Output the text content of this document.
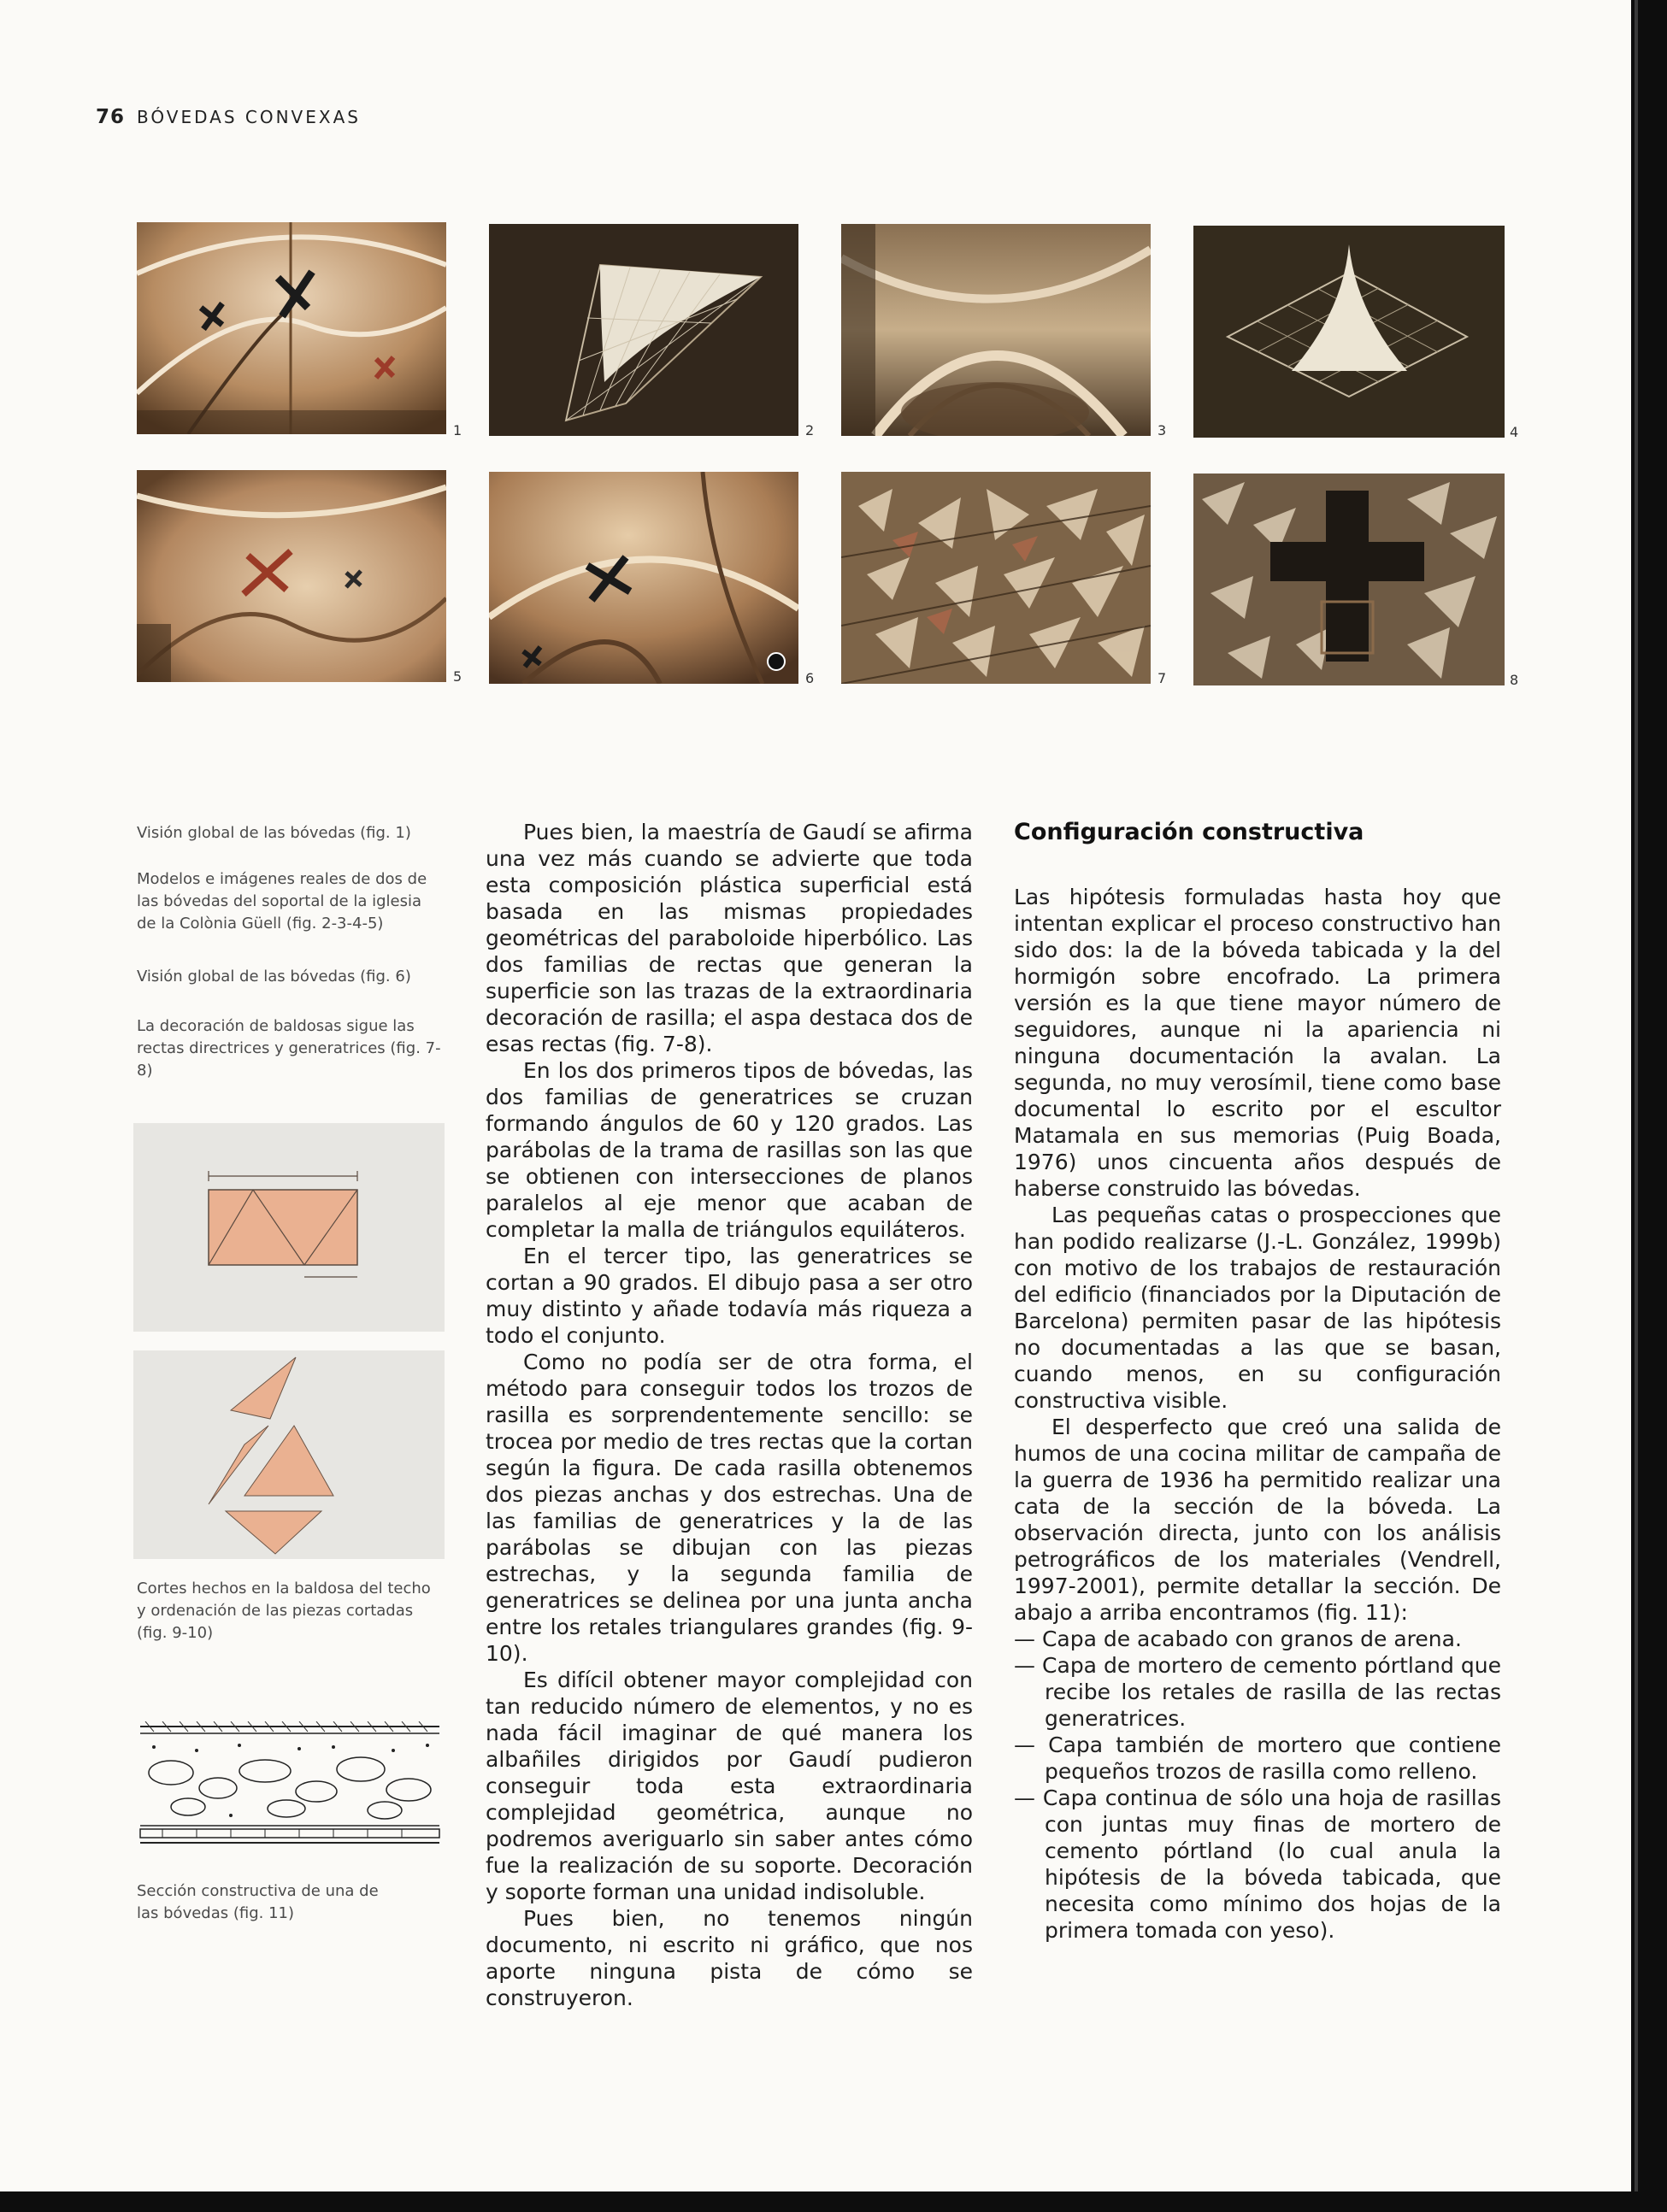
76 BÓVEDAS CONVEXAS
1	2	3	4
5	6	7	8
Visión global de las bóvedas (fig. 1)
Modelos e imágenes reales de dos de las bóvedas del soportal de la iglesia de la Colònia Güell (fig. 2-3-4-5)
Visión global de las bóvedas (fig. 6)
La decoración de baldosas sigue las rectas directrices y generatrices (fig. 7-8)
Cortes hechos en la baldosa del techo y ordenación de las piezas cortadas (fig. 9-10)
Sección constructiva de una de las bóvedas (fig. 11)

Pues bien, la maestría de Gaudí se afirma una vez más cuando se advierte que toda esta composición plástica superficial está basada en las mismas propiedades geométricas del paraboloide hiperbólico. Las dos familias de rectas que generan la superficie son las trazas de la extraordinaria decoración de rasilla; el aspa destaca dos de esas rectas (fig. 7-8).

En los dos primeros tipos de bóvedas, las dos familias de generatrices se cruzan formando ángulos de 60 y 120 grados. Las parábolas de la trama de rasillas son las que se obtienen con intersecciones de planos paralelos al eje menor que acaban de completar la malla de triángulos equiláteros.

En el tercer tipo, las generatrices se cortan a 90 grados. El dibujo pasa a ser otro muy distinto y añade todavía más riqueza a todo el conjunto.

Como no podía ser de otra forma, el método para conseguir todos los trozos de rasilla es sorprendentemente sencillo: se trocea por medio de tres rectas que la cortan según la figura. De cada rasilla obtenemos dos piezas anchas y dos estrechas. Una de las familias de generatrices y la de las parábolas se dibujan con las piezas estrechas, y la segunda familia de generatrices se delinea por una junta ancha entre los retales triangulares grandes (fig. 9-10).

Es difícil obtener mayor complejidad con tan reducido número de elementos, y no es nada fácil imaginar de qué manera los albañiles dirigidos por Gaudí pudieron conseguir toda esta extraordinaria complejidad geométrica, aunque no podremos averiguarlo sin saber antes cómo fue la realización de su soporte. Decoración y soporte forman una unidad indisoluble.

Pues bien, no tenemos ningún documento, ni escrito ni gráfico, que nos aporte ninguna pista de cómo se construyeron.

Configuración constructiva

Las hipótesis formuladas hasta hoy que intentan explicar el proceso constructivo han sido dos: la de la bóveda tabicada y la del hormigón sobre encofrado. La primera versión es la que tiene mayor número de seguidores, aunque ni la apariencia ni ninguna documentación la avalan. La segunda, no muy verosímil, tiene como base documental lo escrito por el escultor Matamala en sus memorias (Puig Boada, 1976) unos cincuenta años después de haberse construido las bóvedas.

Las pequeñas catas o prospecciones que han podido realizarse (J.-L. González, 1999b) con motivo de los trabajos de restauración del edificio (financiados por la Diputación de Barcelona) permiten pasar de las hipótesis no documentadas a las que se basan, cuando menos, en su configuración constructiva visible.

El desperfecto que creó una salida de humos de una cocina militar de campaña de la guerra de 1936 ha permitido realizar una cata de la sección de la bóveda. La observación directa, junto con los análisis petrográficos de los materiales (Vendrell, 1997-2001), permite detallar la sección. De abajo a arriba encontramos (fig. 11):

— Capa de acabado con granos de arena.
— Capa de mortero de cemento pórtland que recibe los retales de rasilla de las rectas generatrices.
— Capa también de mortero que contiene pequeños trozos de rasilla como relleno.
— Capa continua de sólo una hoja de rasillas con juntas muy finas de mortero de cemento pórtland (lo cual anula la hipótesis de la bóveda tabicada, que necesita como mínimo dos hojas de la primera tomada con yeso).
